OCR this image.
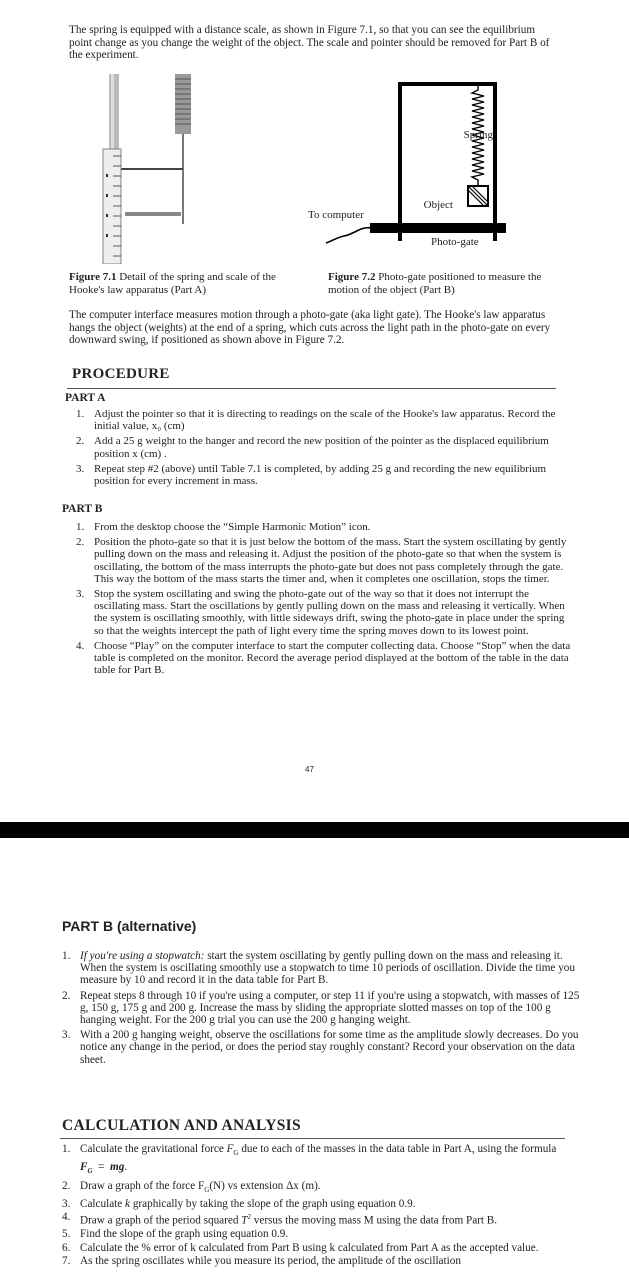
The spring is equipped with a distance scale, as shown in Figure 7.1, so that you can see the equilibrium point change as you change the weight of the object. The scale and pointer should be removed for Part B of the experiment.
Spring
Object
To computer
Photo-gate
Figure 7.1 Detail of the spring and scale of the Hooke's law apparatus (Part A)
Figure 7.2 Photo-gate positioned to measure the motion of the object (Part B)
The computer interface measures motion through a photo-gate (aka light gate). The Hooke's law apparatus hangs the object (weights) at the end of a spring, which cuts across the light path in the photo-gate on every downward swing, if positioned as shown above in Figure 7.2.
PROCEDURE
PART A
1. Adjust the pointer so that it is directing to readings on the scale of the Hooke's law apparatus. Record the initial value, x₀ (cm)
2. Add a 25 g weight to the hanger and record the new position of the pointer as the displaced equilibrium position x (cm) .
3. Repeat step #2 (above) until Table 7.1 is completed, by adding 25 g and recording the new equilibrium position for every increment in mass.
PART B
1. From the desktop choose the “Simple Harmonic Motion” icon.
2. Position the photo-gate so that it is just below the bottom of the mass. Start the system oscillating by gently pulling down on the mass and releasing it. Adjust the position of the photo-gate so that when the system is oscillating, the bottom of the mass interrupts the photo-gate but does not pass completely through the gate. This way the bottom of the mass starts the timer and, when it completes one oscillation, stops the timer.
3. Stop the system oscillating and swing the photo-gate out of the way so that it does not interrupt the oscillating mass. Start the oscillations by gently pulling down on the mass and releasing it vertically. When the system is oscillating smoothly, with little sideways drift, swing the photo-gate in place under the spring so that the weights intercept the path of light every time the spring moves down to its lowest point.
4. Choose “Play” on the computer interface to start the computer collecting data. Choose “Stop” when the data table is completed on the monitor. Record the average period displayed at the bottom of the table in the data table for Part B.
47
PART B (alternative)
1. If you're using a stopwatch: start the system oscillating by gently pulling down on the mass and releasing it. When the system is oscillating smoothly use a stopwatch to time 10 periods of oscillation. Divide the time you measure by 10 and record it in the data table for Part B.
2. Repeat steps 8 through 10 if you're using a computer, or step 11 if you're using a stopwatch, with masses of 125 g, 150 g, 175 g and 200 g. Increase the mass by sliding the appropriate slotted masses on top of the 100 g hanging weight. For the 200 g trial you can use the 200 g hanging weight.
3. With a 200 g hanging weight, observe the oscillations for some time as the amplitude slowly decreases. Do you notice any change in the period, or does the period stay roughly constant? Record your observation on the data sheet.
CALCULATION AND ANALYSIS
1. Calculate the gravitational force $F_G$ due to each of the masses in the data table in Part A, using the formula $F_G$  =  mg.
2. Draw a graph of the force $F_G(N)$ vs extension Δx (m).
3. Calculate k graphically by taking the slope of the graph using equation 0.9.
4. Draw a graph of the period squared $T^2$ versus the moving mass M using the data from Part B.
5. Find the slope of the graph using equation 0.9.
6. Calculate the % error of k calculated from Part B using k calculated from Part A as the accepted value.
7. As the spring oscillates while you measure its period, the amplitude of the oscillation
